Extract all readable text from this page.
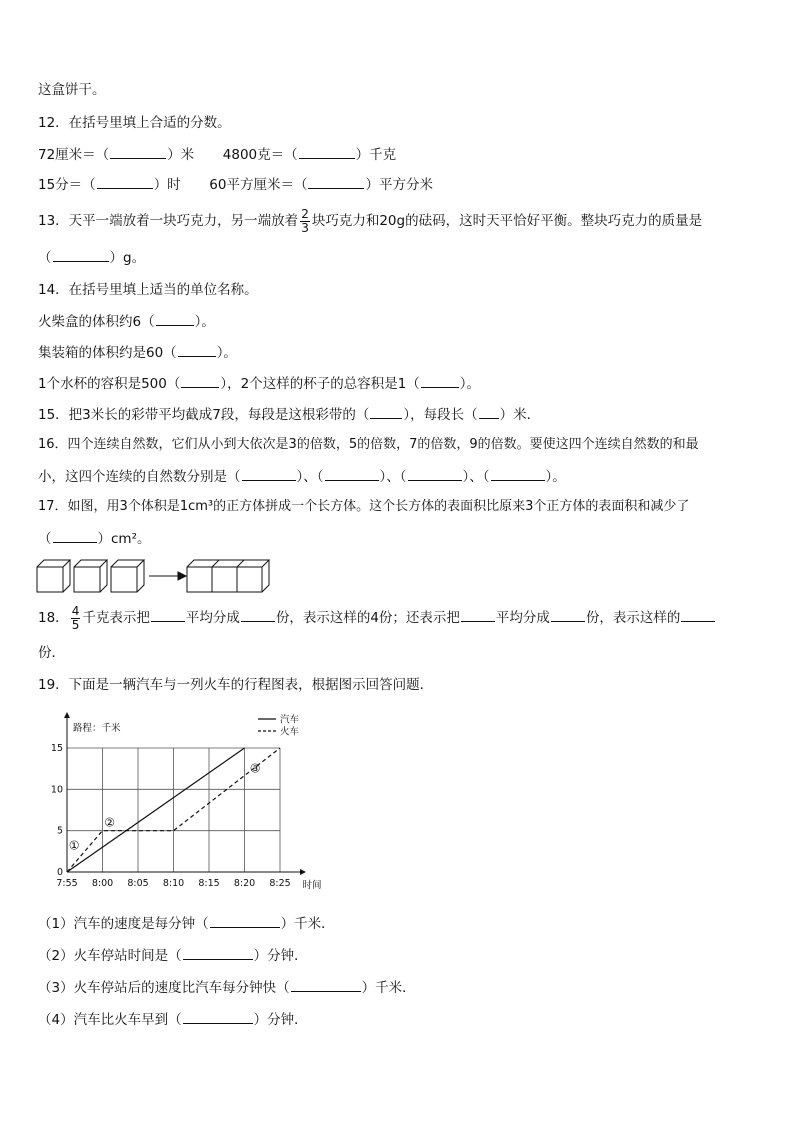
这盒饼干。
12．在括号里填上合适的分数。
72厘米＝（	）米 4800克＝（	）千克
15分＝（	）时 60平方厘米＝（	）平方分米
13．天平一端放着一块巧克力，另一端放着 $\frac{2}{3}$ 块巧克力和20g的砝码，这时天平恰好平衡。整块巧克力的质量是
（	）g。
14．在括号里填上适当的单位名称。
火柴盒的体积约6（	）。
集装箱的体积约是60（	）。
1个水杯的容积是500（	），2个这样的杯子的总容积是1（	）。
15．把3米长的彩带平均截成7段，每段是这根彩带的（	），每段长（ ）米．
16．四个连续自然数，它们从小到大依次是3的倍数，5的倍数，7的倍数，9的倍数。要使这四个连续自然数的和最
小，这四个连续的自然数分别是（	）、（	）、（	）、（	）。
17．如图，用3个体积是1cm³的正方体拼成一个长方体。这个长方体的表面积比原来3个正方体的表面积和减少了
（	）cm²。
18． $\frac{4}{5}$ 千克表示把	平均分成	份，表示这样的4份；还表示把	平均分成	份，表示这样的
份．
19．下面是一辆汽车与一列火车的行程图表，根据图示回答问题．
7:55 8:00 8:05 8:10 8:15 8:20 8:25
0
5
10
15
路程：千米
时间
汽车
火车
①
②
③
（1）汽车的速度是每分钟（	）千米．
（2）火车停站时间是（	）分钟．
（3）火车停站后的速度比汽车每分钟快（	）千米．
（4）汽车比火车早到（	）分钟．
